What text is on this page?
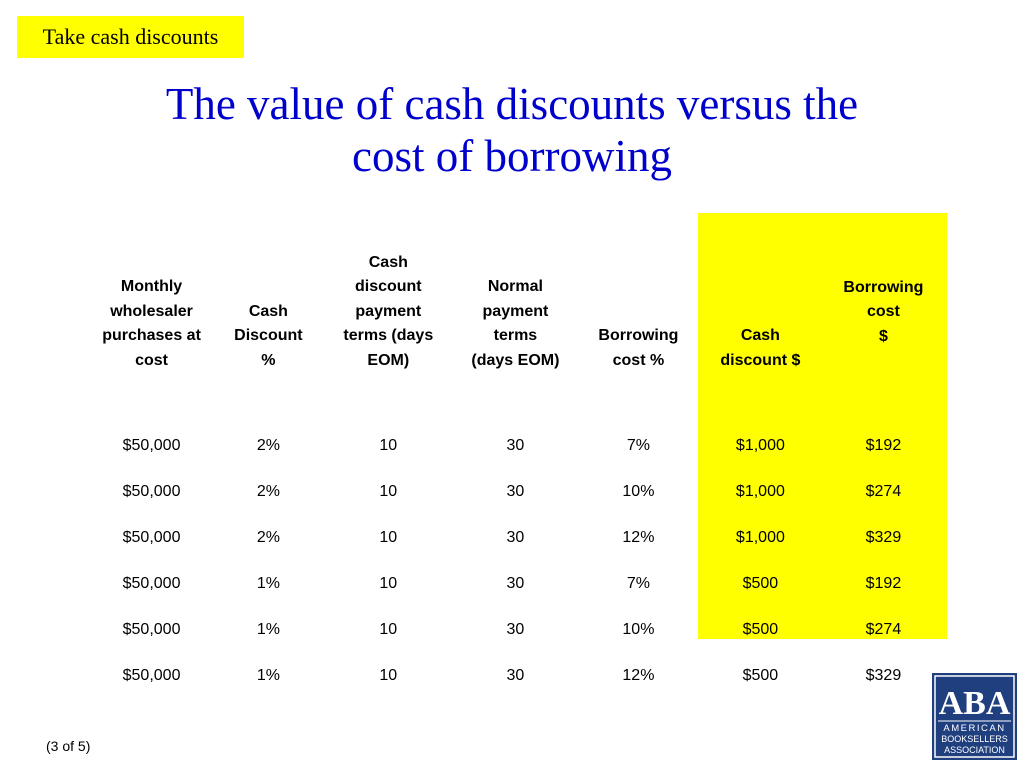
Take cash discounts
The value of cash discounts versus the
cost of borrowing
Monthly
wholesaler
purchases at
cost	Cash
Discount
%	Cash
discount
payment
terms (days
EOM)	Normal
payment
terms
(days EOM)	Borrowing
cost %	Cash
discount $	Borrowing
cost
$
$50,000	2%	10	30	7%	$1,000	$192
$50,000	2%	10	30	10%	$1,000	$274
$50,000	2%	10	30	12%	$1,000	$329
$50,000	1%	10	30	7%	$500	$192
$50,000	1%	10	30	10%	$500	$274
$50,000	1%	10	30	12%	$500	$329
(3 of 5)
ABA
AMERICAN
BOOKSELLERS
ASSOCIATION
